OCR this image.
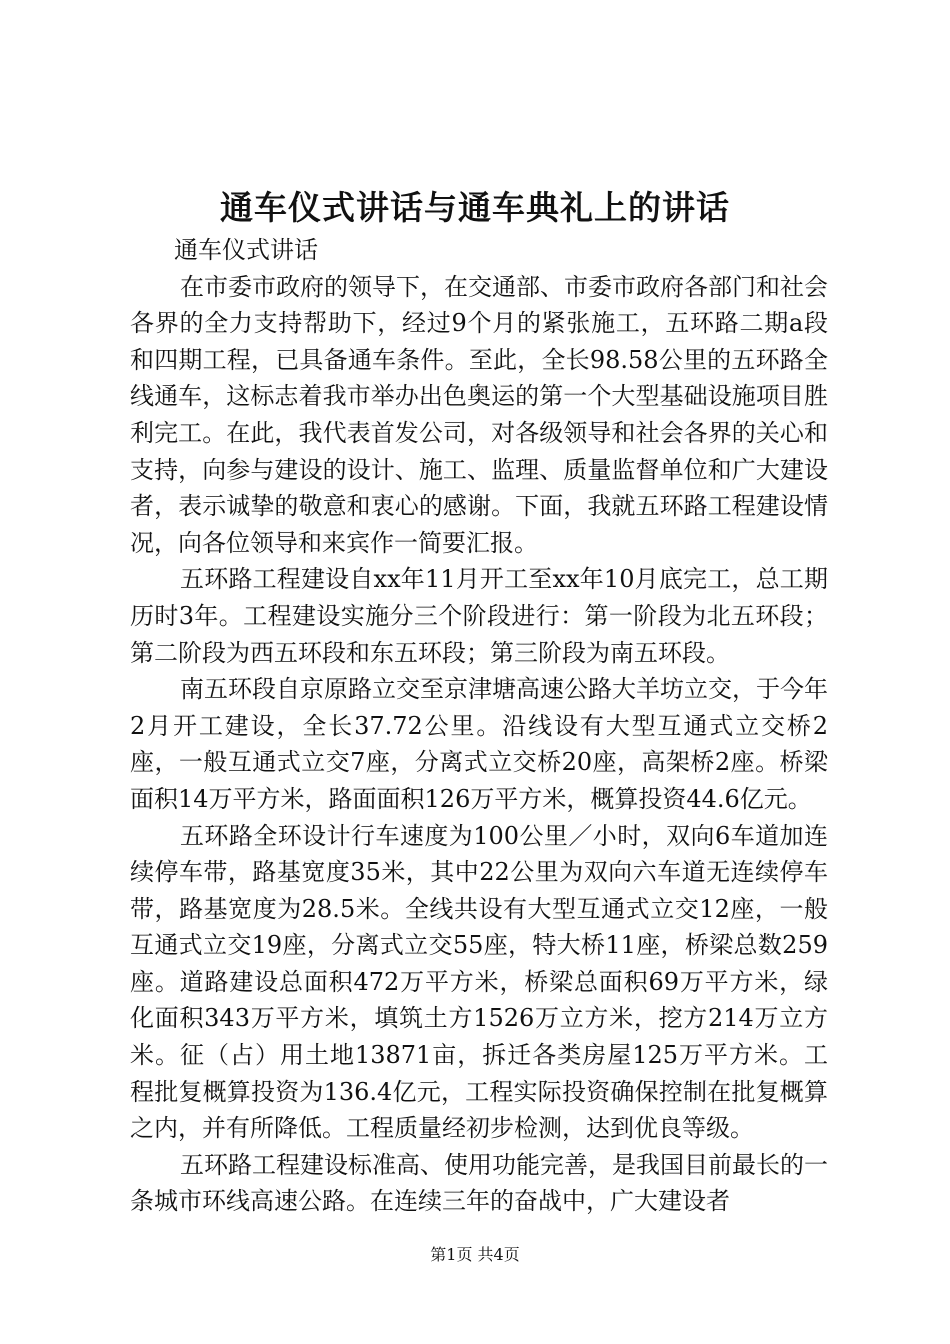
通车仪式讲话与通车典礼上的讲话

通车仪式讲话

在市委市政府的领导下，在交通部、市委市政府各部门和社会各界的全力支持帮助下，经过9个月的紧张施工，五环路二期a段和四期工程，已具备通车条件。至此，全长98.58公里的五环路全线通车，这标志着我市举办出色奥运的第一个大型基础设施项目胜利完工。在此，我代表首发公司，对各级领导和社会各界的关心和支持，向参与建设的设计、施工、监理、质量监督单位和广大建设者，表示诚挚的敬意和衷心的感谢。下面，我就五环路工程建设情况，向各位领导和来宾作一简要汇报。

五环路工程建设自xx年11月开工至xx年10月底完工，总工期历时3年。工程建设实施分三个阶段进行：第一阶段为北五环段；第二阶段为西五环段和东五环段；第三阶段为南五环段。

南五环段自京原路立交至京津塘高速公路大羊坊立交，于今年2月开工建设，全长37.72公里。沿线设有大型互通式立交桥2座，一般互通式立交7座，分离式立交桥20座，高架桥2座。桥梁面积14万平方米，路面面积126万平方米，概算投资44.6亿元。

五环路全环设计行车速度为100公里／小时，双向6车道加连续停车带，路基宽度35米，其中22公里为双向六车道无连续停车带，路基宽度为28.5米。全线共设有大型互通式立交12座，一般互通式立交19座，分离式立交55座，特大桥11座，桥梁总数259座。道路建设总面积472万平方米，桥梁总面积69万平方米，绿化面积343万平方米，填筑土方1526万立方米，挖方214万立方米。征（占）用土地13871亩，拆迁各类房屋125万平方米。工程批复概算投资为136.4亿元，工程实际投资确保控制在批复概算之内，并有所降低。工程质量经初步检测，达到优良等级。

五环路工程建设标准高、使用功能完善，是我国目前最长的一条城市环线高速公路。在连续三年的奋战中，广大建设者

第1页 共4页
